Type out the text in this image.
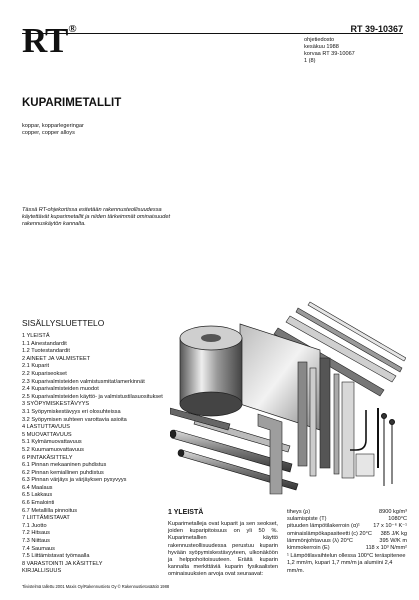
RT®	RT 39-10367
ohjetiedosto
kesäkuu 1988
korvaa RT 39-10067
1 (8)
KUPARIMETALLIT
koppar, kopparlegeringar
copper, copper alloys
Tässä RT-ohjekortissa esitetään rakennusteollisuudessa käytettävät kuparimetallit ja niiden tärkeimmät ominaisuudet rakennuskäytön kannalta.
SISÄLLYSLUETTELO
1 YLEISTÄ
1.1 Ainestandardit
1.2 Tuotestandardit
2 AINEET JA VALMISTEET
2.1 Kuparit
2.2 Kupariseokset
2.3 Kuparivalmisteiden valmistusmitat/amerkinnät
2.4 Kuparivalmisteiden muodot
2.5 Kuparivalmisteiden käyttö- ja valmistustilasuositukset
3 SYÖPYMISKESTÄVYYS
3.1 Syöpymiskestävyys eri olosuhteissa
3.2 Syöpymisen suhteen varottavia asioita
4 LASTUTTAVUUS
5 MUOVATTAVUUS
5.1 Kylmämuovattavuus
5.2 Kuumamuovattavuus
6 PINTAKÄSITTELY
6.1 Pinnan mekaaninen puhdistus
6.2 Pinnan kemiallinen puhdistus
6.3 Pinnan värjäys ja värjäyksen pysyvyys
6.4 Maalaus
6.5 Lakkaus
6.6 Emalointi
6.7 Metallilla pinnoitus
7 LIITTÄMISTAVAT
7.1 Juotto
7.2 Hitsaus
7.3 Niittaus
7.4 Saumaus
7.5 Liittämistavat työmaalla
8 VARASTOINTI JA KÄSITTELY
KIRJALLISUUS
1 YLEISTÄ
Kuparimetalleja ovat kuparit ja sen seokset, joiden kuparipitoisuus on yli 50 %. Kuparimetallien käyttö rakennusteollisuudessa perustuu kuparin hyvään syöpymiskestävyyteen, ulkonäköön ja helppohoitoisuuteen. Eräitä kuparin kannalta merkittäviä kuparin fysikaalisten ominaisuuksien arvoja ovat seuraavat:
tiheys (ρ)	8900 kg/m³
sulamispiste (T)	1080°C
pituuden lämpötilakerroin (α)¹ 17 x 10⁻⁶ K⁻¹
ominaislämpökapasiteetti (c) 20°C 385 J/K kg
lämmönjohtavuus (λ) 20°C	395 W/K m
kimmokerroin (E)	118 x 10³ N/mm²
¹ Lämpötilavaihtelun ollessa 100°C teräspitenee 1,2 mm/m, kupari 1,7 mm/m ja alumiini 2,4 mm/m.
Tiivistelmä tallettu 2001 Maxis Oy/Rakennustieto Oy © Rakennustietosäätiö 1988
